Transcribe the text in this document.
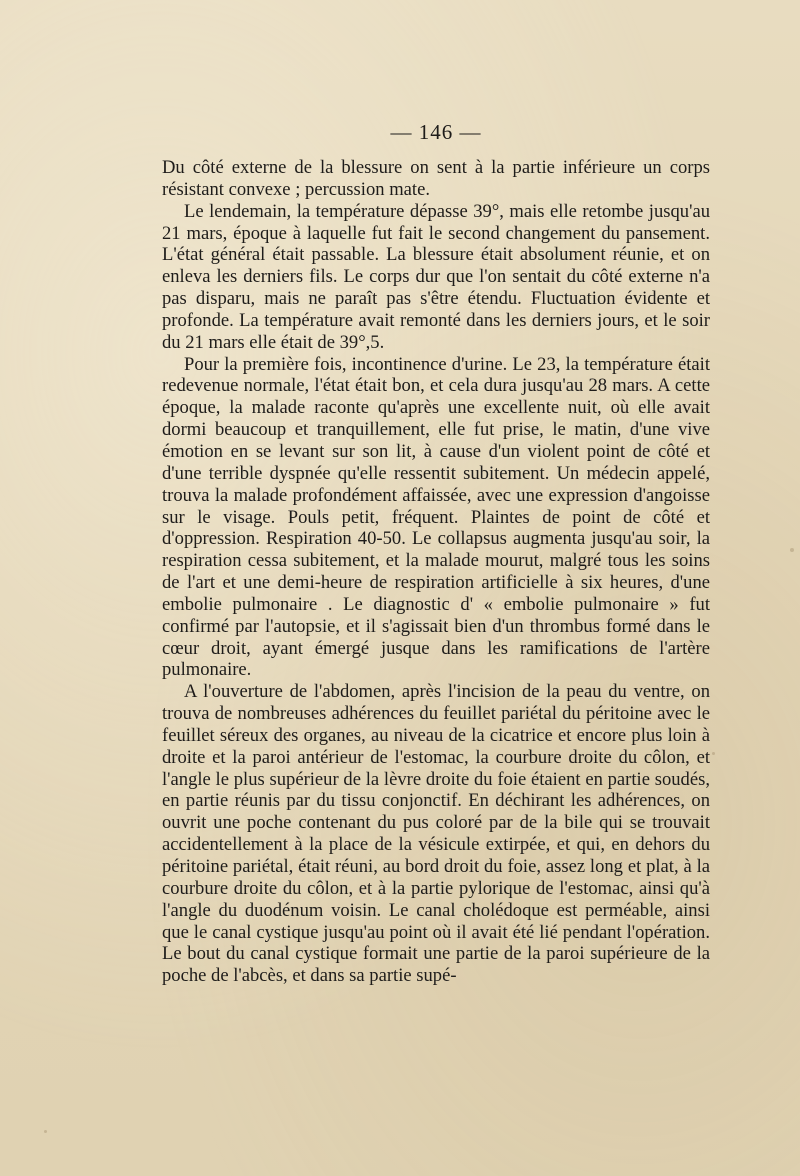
— 146 —

Du côté externe de la blessure on sent à la partie inférieure un corps résistant convexe ; percussion mate.

Le lendemain, la température dépasse 39°, mais elle retombe jusqu'au 21 mars, époque à laquelle fut fait le second changement du pansement. L'état général était passable. La blessure était absolument réunie, et on enleva les derniers fils. Le corps dur que l'on sentait du côté externe n'a pas disparu, mais ne paraît pas s'être étendu. Fluctuation évidente et profonde. La température avait remonté dans les derniers jours, et le soir du 21 mars elle était de 39°,5.

Pour la première fois, incontinence d'urine. Le 23, la température était redevenue normale, l'état était bon, et cela dura jusqu'au 28 mars. A cette époque, la malade raconte qu'après une excellente nuit, où elle avait dormi beaucoup et tranquillement, elle fut prise, le matin, d'une vive émotion en se levant sur son lit, à cause d'un violent point de côté et d'une terrible dyspnée qu'elle ressentit subitement. Un médecin appelé, trouva la malade profondément affaissée, avec une expression d'angoisse sur le visage. Pouls petit, fréquent. Plaintes de point de côté et d'oppression. Respiration 40-50. Le collapsus augmenta jusqu'au soir, la respiration cessa subitement, et la malade mourut, malgré tous les soins de l'art et une demi-heure de respiration artificielle à six heures, d'une embolie pulmonaire . Le diagnostic d' « embolie pulmonaire » fut confirmé par l'autopsie, et il s'agissait bien d'un thrombus formé dans le cœur droit, ayant émergé jusque dans les ramifications de l'artère pulmonaire.

A l'ouverture de l'abdomen, après l'incision de la peau du ventre, on trouva de nombreuses adhérences du feuillet pariétal du péritoine avec le feuillet séreux des organes, au niveau de la cicatrice et encore plus loin à droite et la paroi antérieur de l'estomac, la courbure droite du côlon, et l'angle le plus supérieur de la lèvre droite du foie étaient en partie soudés, en partie réunis par du tissu conjonctif. En déchirant les adhérences, on ouvrit une poche contenant du pus coloré par de la bile qui se trouvait accidentellement à la place de la vésicule extirpée, et qui, en dehors du péritoine pariétal, était réuni, au bord droit du foie, assez long et plat, à la courbure droite du côlon, et à la partie pylorique de l'estomac, ainsi qu'à l'angle du duodénum voisin. Le canal cholédoque est perméable, ainsi que le canal cystique jusqu'au point où il avait été lié pendant l'opération. Le bout du canal cystique formait une partie de la paroi supérieure de la poche de l'abcès, et dans sa partie supé-
